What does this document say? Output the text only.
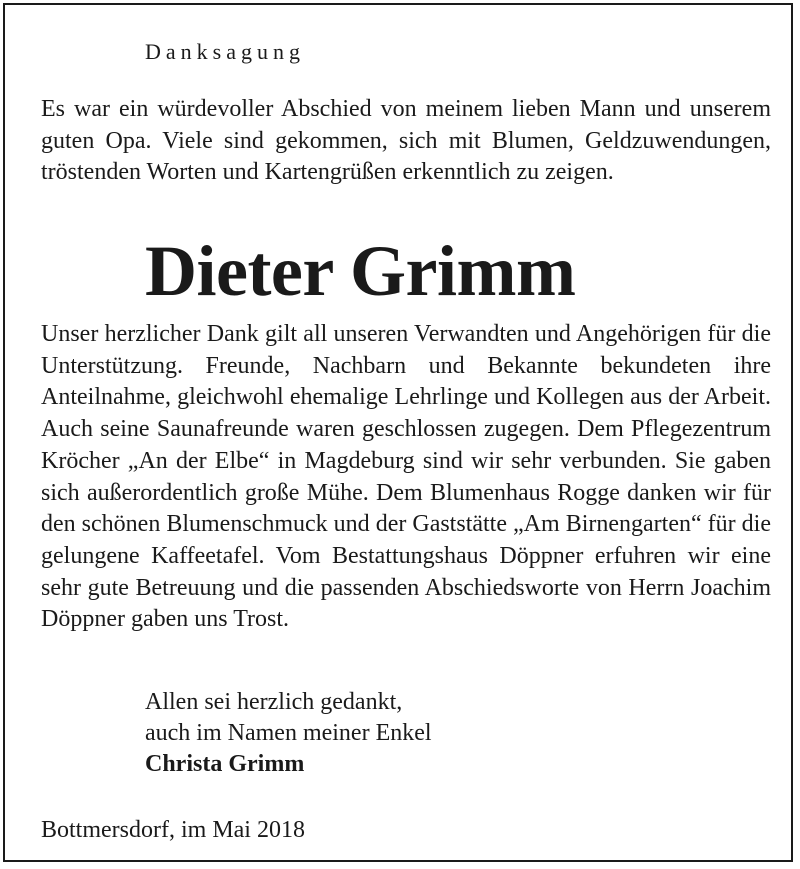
Danksagung
Es war ein würdevoller Abschied von meinem lieben Mann und unserem guten Opa. Viele sind gekommen, sich mit Blumen, Geldzuwendungen, tröstenden Worten und Kartengrüßen erkenntlich zu zeigen.
Dieter Grimm
Unser herzlicher Dank gilt all unseren Verwandten und Angehörigen für die Unterstützung. Freunde, Nachbarn und Bekannte bekundeten ihre Anteilnahme, gleichwohl ehemalige Lehrlinge und Kollegen aus der Arbeit. Auch seine Saunafreunde waren geschlossen zugegen. Dem Pflegezentrum Kröcher „An der Elbe“ in Magdeburg sind wir sehr verbunden. Sie gaben sich außerordentlich große Mühe. Dem Blumenhaus Rogge danken wir für den schönen Blumenschmuck und der Gaststätte „Am Birnengarten“ für die gelungene Kaffeetafel. Vom Bestattungshaus Döppner erfuhren wir eine sehr gute Betreuung und die passenden Abschiedsworte von Herrn Joachim Döppner gaben uns Trost.
Allen sei herzlich gedankt,
auch im Namen meiner Enkel
Christa Grimm
Bottmersdorf, im Mai 2018
